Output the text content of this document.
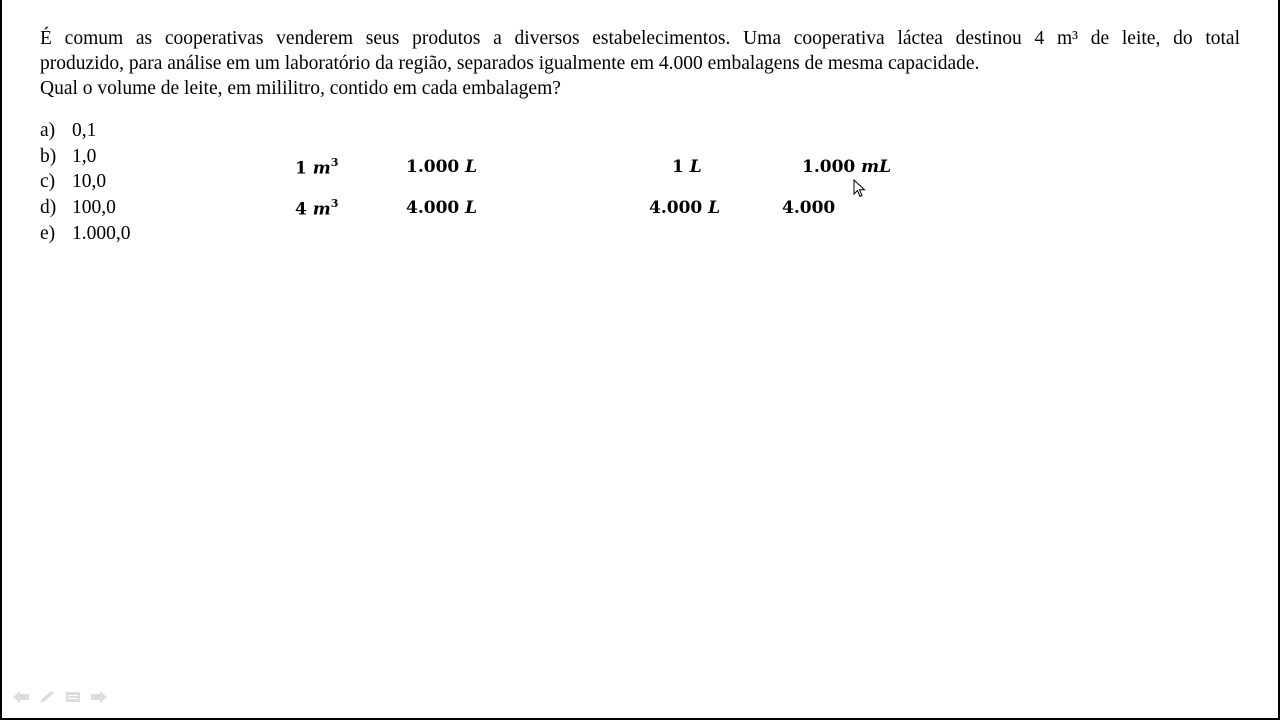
É comum as cooperativas venderem seus produtos a diversos estabelecimentos. Uma cooperativa láctea destinou 4 m³ de leite, do total
produzido, para análise em um laboratório da região, separados igualmente em 4.000 embalagens de mesma capacidade.
Qual o volume de leite, em mililitro, contido em cada embalagem?
a) 0,1
b) 1,0
c) 10,0
d) 100,0
e) 1.000,0
1 $m^3$	1.000 L	1 L	1.000 mL
4 $m^3$	4.000 L	4.000 L	4.000
